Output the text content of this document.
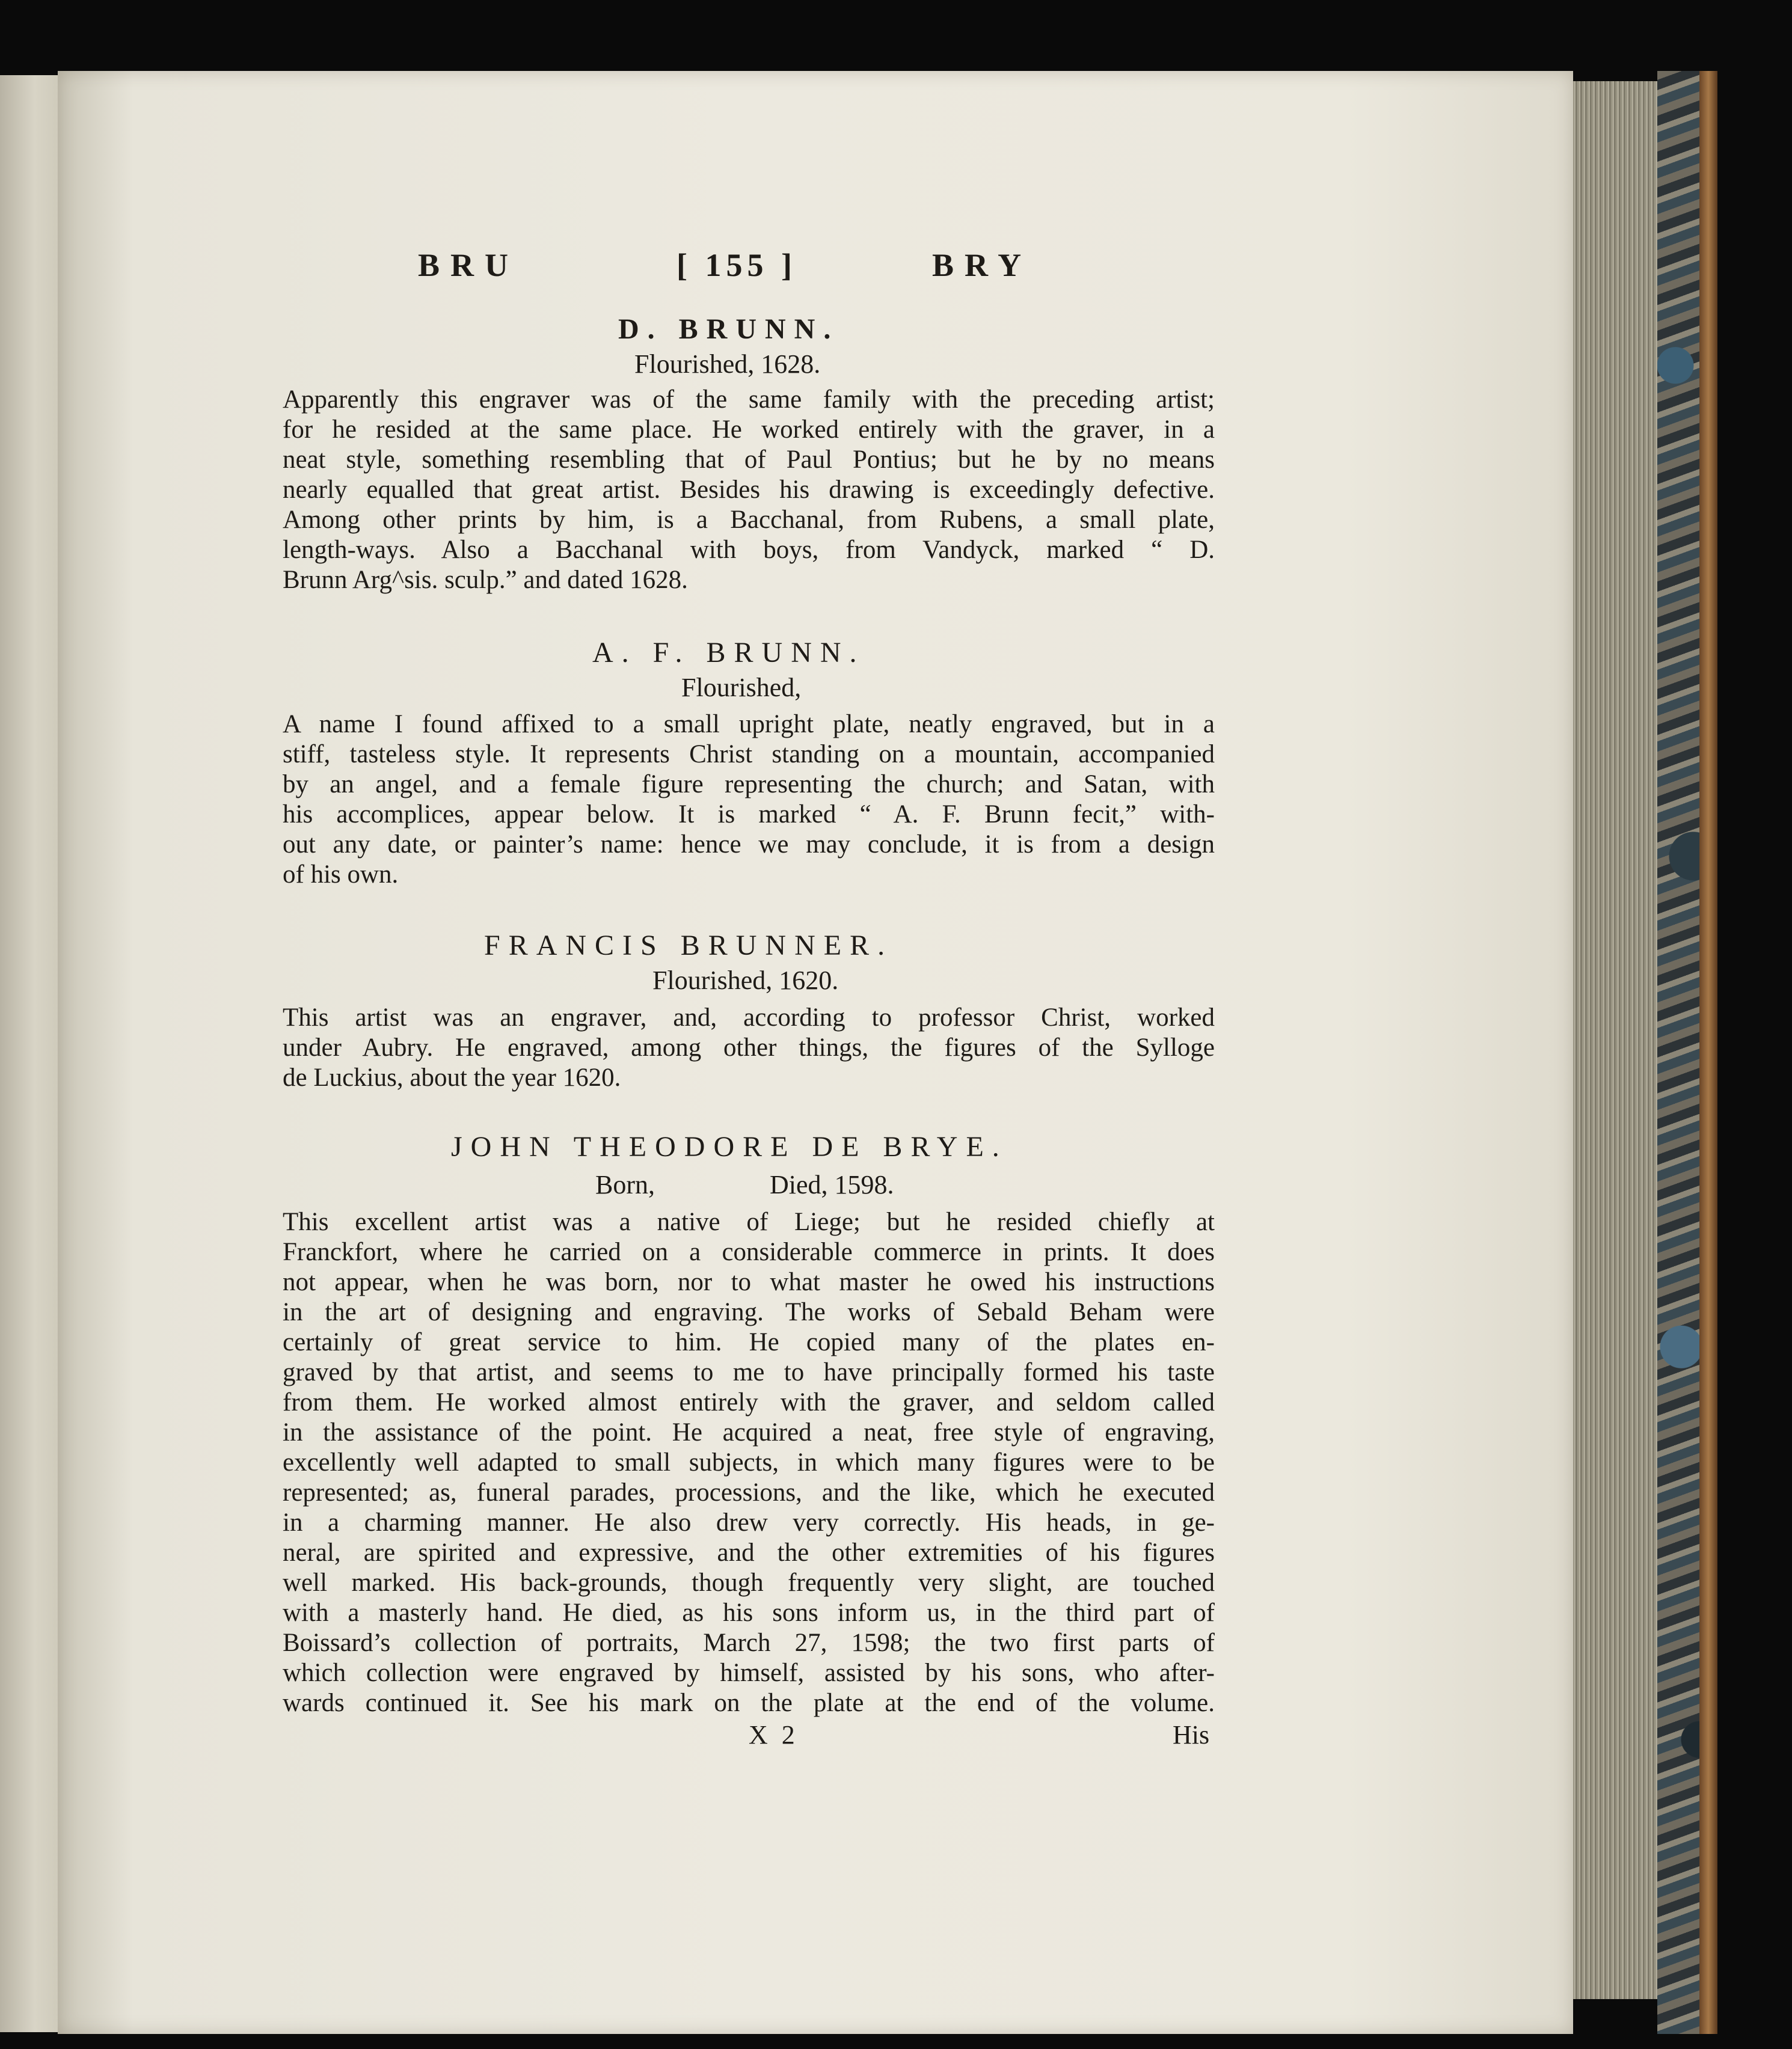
BRU	[ 155 ]	BRY
D. BRUNN.
Flourished, 1628.
Apparently this engraver was of the same family with the preceding artist;
for he resided at the same place. He worked entirely with the graver, in a
neat style, something resembling that of Paul Pontius; but he by no means
nearly equalled that great artist. Besides his drawing is exceedingly defective.
Among other prints by him, is a Bacchanal, from Rubens, a small plate,
length-ways. Also a Bacchanal with boys, from Vandyck, marked “ D.
Brunn Arg^sis. sculp.” and dated 1628.
A. F. BRUNN.
Flourished,
A name I found affixed to a small upright plate, neatly engraved, but in a
stiff, tasteless style. It represents Christ standing on a mountain, accompanied
by an angel, and a female figure representing the church; and Satan, with
his accomplices, appear below. It is marked “ A. F. Brunn fecit,” with-
out any date, or painter’s name: hence we may conclude, it is from a design
of his own.
FRANCIS BRUNNER.
Flourished, 1620.
This artist was an engraver, and, according to professor Christ, worked
under Aubry. He engraved, among other things, the figures of the Sylloge
de Luckius, about the year 1620.
JOHN THEODORE DE BRYE.
Born,	Died, 1598.
This excellent artist was a native of Liege; but he resided chiefly at
Franckfort, where he carried on a considerable commerce in prints. It does
not appear, when he was born, nor to what master he owed his instructions
in the art of designing and engraving. The works of Sebald Beham were
certainly of great service to him. He copied many of the plates en-
graved by that artist, and seems to me to have principally formed his taste
from them. He worked almost entirely with the graver, and seldom called
in the assistance of the point. He acquired a neat, free style of engraving,
excellently well adapted to small subjects, in which many figures were to be
represented; as, funeral parades, processions, and the like, which he executed
in a charming manner. He also drew very correctly. His heads, in ge-
neral, are spirited and expressive, and the other extremities of his figures
well marked. His back-grounds, though frequently very slight, are touched
with a masterly hand. He died, as his sons inform us, in the third part of
Boissard’s collection of portraits, March 27, 1598; the two first parts of
which collection were engraved by himself, assisted by his sons, who after-
wards continued it. See his mark on the plate at the end of the volume.
X 2	His
